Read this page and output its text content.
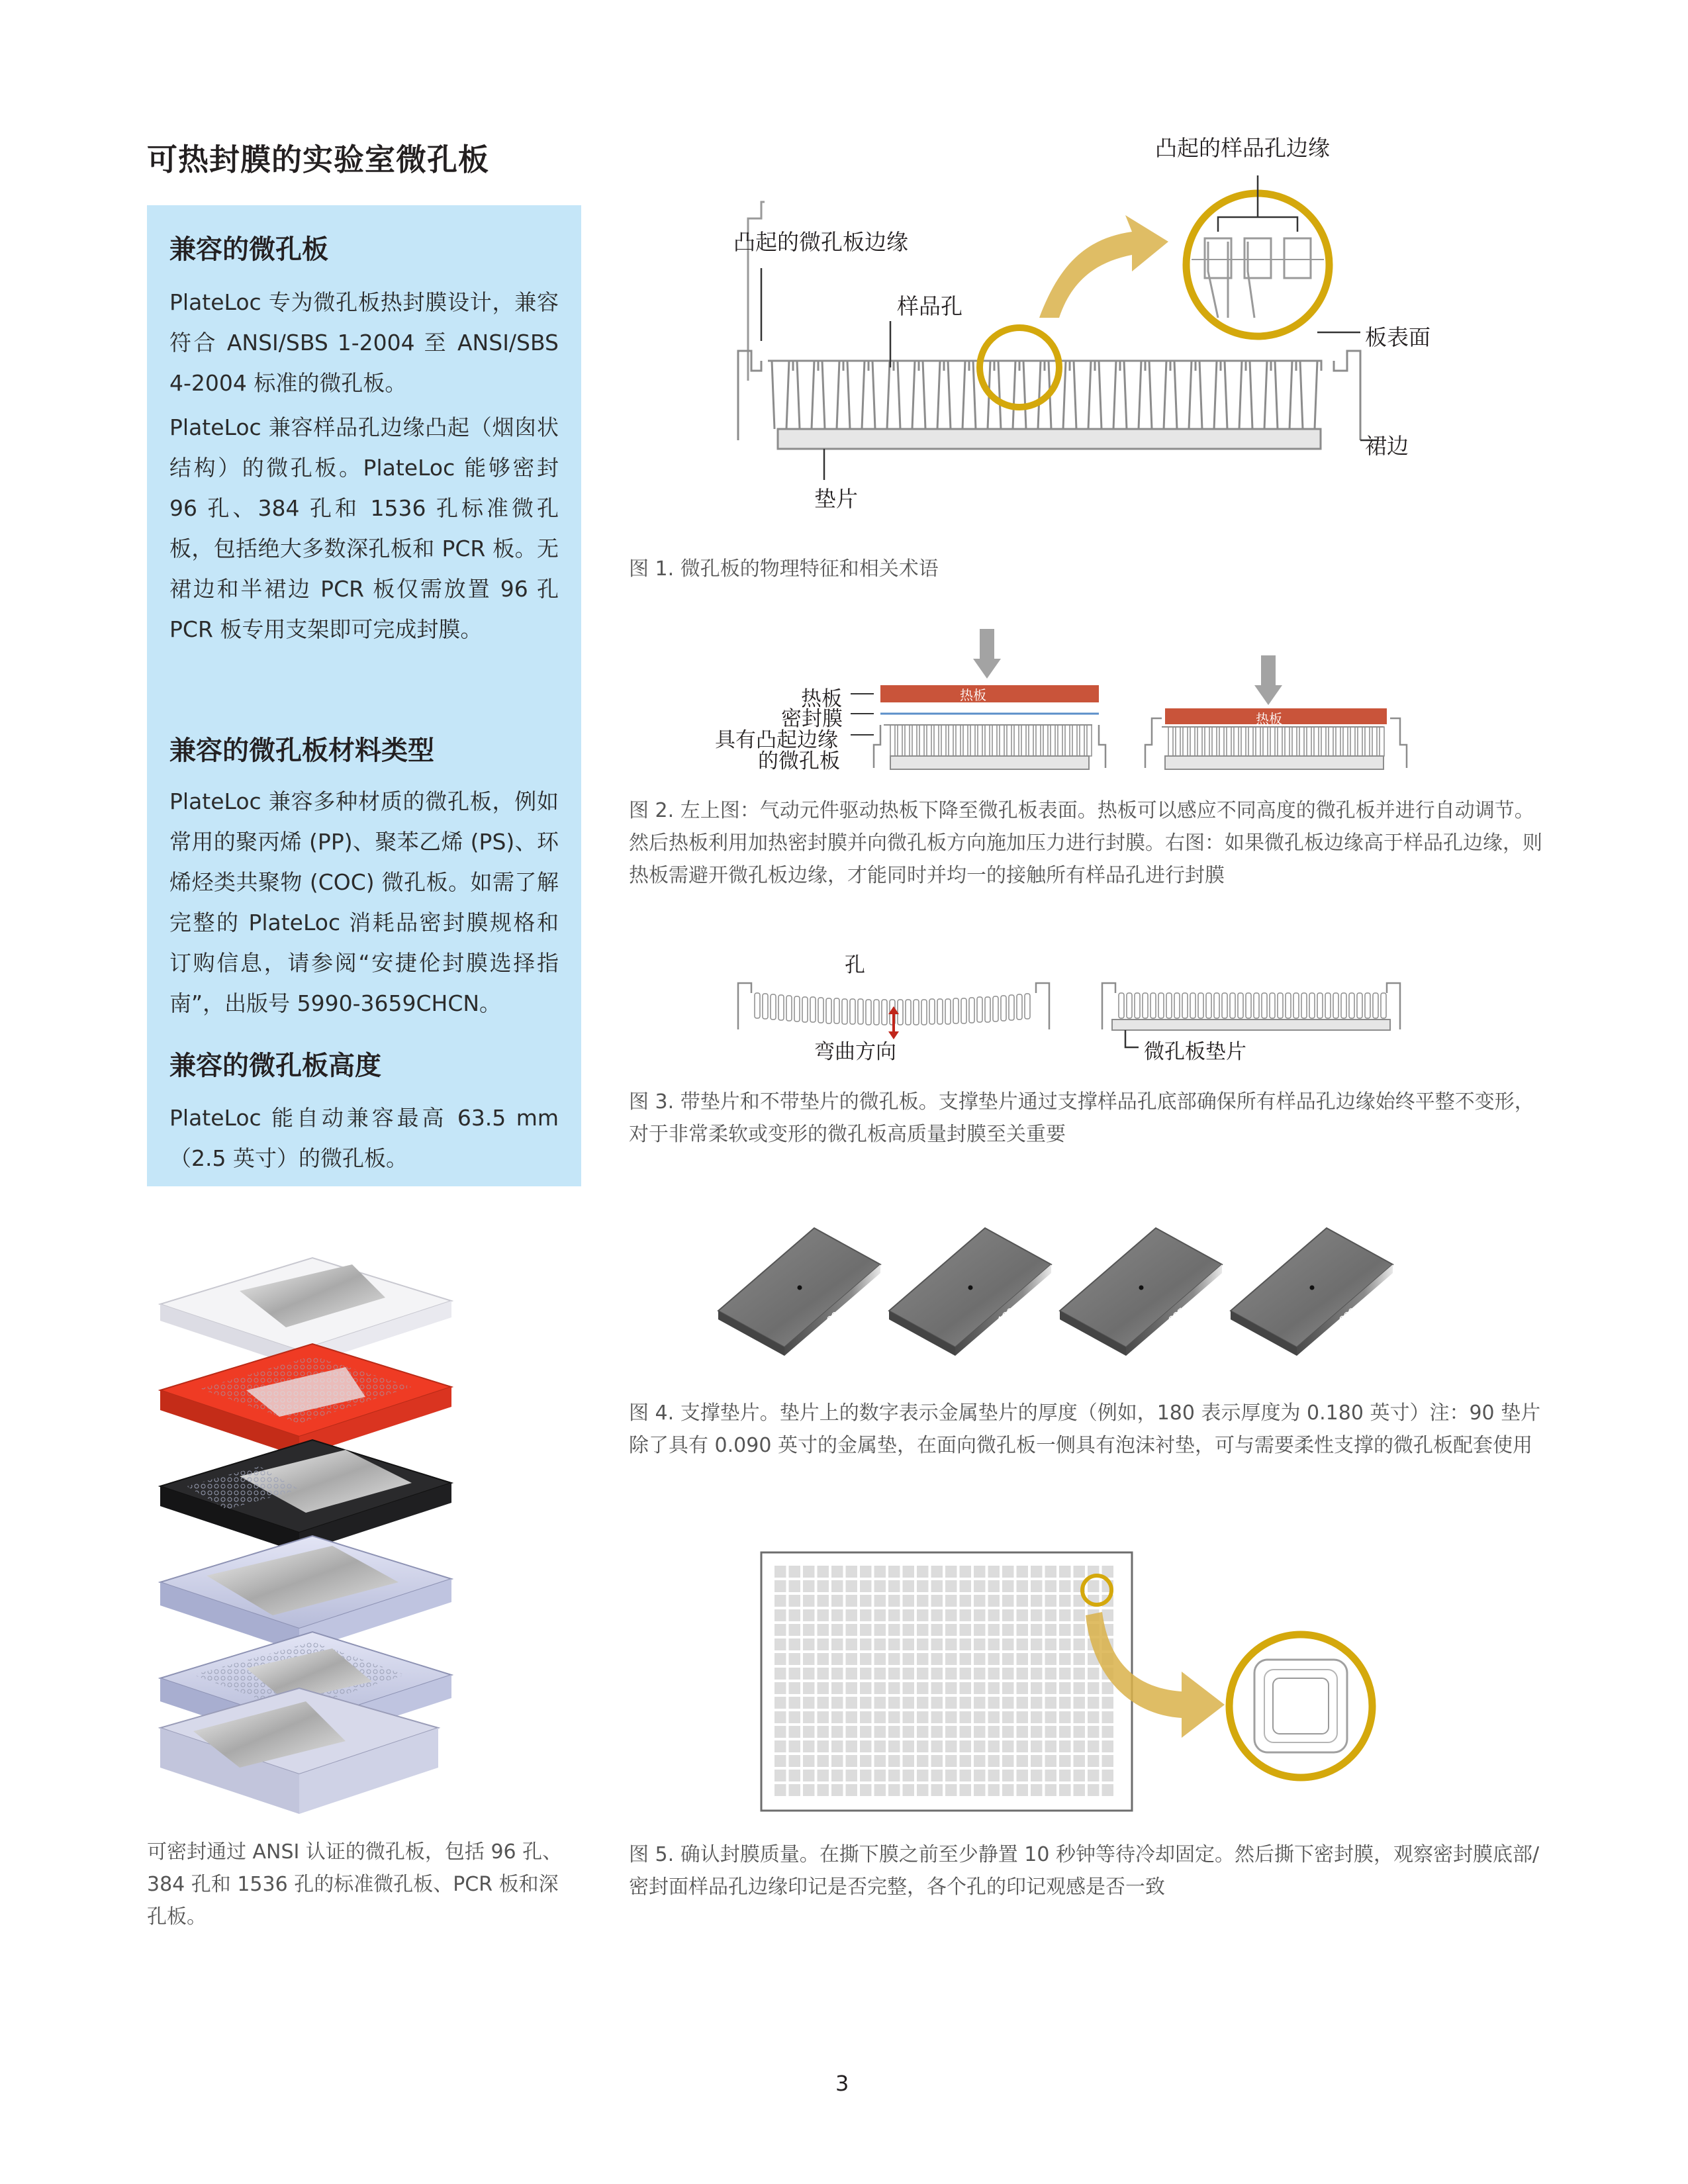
可热封膜的实验室微孔板
兼容的微孔板
PlateLoc 专为微孔板热封膜设计，兼容符合 ANSI/SBS 1-2004 至 ANSI/SBS 4-2004 标准的微孔板。
PlateLoc 兼容样品孔边缘凸起（烟囱状结构）的微孔板。PlateLoc 能够密封 96 孔、384 孔和 1536 孔标准微孔板，包括绝大多数深孔板和 PCR 板。无裙边和半裙边 PCR 板仅需放置 96 孔 PCR 板专用支架即可完成封膜。
兼容的微孔板材料类型
PlateLoc 兼容多种材质的微孔板，例如常用的聚丙烯 (PP)、聚苯乙烯 (PS)、环烯烃类共聚物 (COC) 微孔板。如需了解完整的 PlateLoc 消耗品密封膜规格和订购信息，请参阅“安捷伦封膜选择指南”，出版号 5990-3659CHCN。
兼容的微孔板高度
PlateLoc 能自动兼容最高 63.5 mm（2.5 英寸）的微孔板。
可密封通过 ANSI 认证的微孔板，包括 96 孔、384 孔和 1536 孔的标准微孔板、PCR 板和深孔板。
凸起的样品孔边缘
凸起的微孔板边缘
样品孔
板表面
裙边
垫片
图 1. 微孔板的物理特征和相关术语
热板
热板
热板
密封膜
具有凸起边缘
的微孔板
图 2. 左上图：气动元件驱动热板下降至微孔板表面。热板可以感应不同高度的微孔板并进行自动调节。然后热板利用加热密封膜并向微孔板方向施加压力进行封膜。右图：如果微孔板边缘高于样品孔边缘，则热板需避开微孔板边缘，才能同时并均一的接触所有样品孔进行封膜
孔
弯曲方向	微孔板垫片
图 3. 带垫片和不带垫片的微孔板。支撑垫片通过支撑样品孔底部确保所有样品孔边缘始终平整不变形，对于非常柔软或变形的微孔板高质量封膜至关重要
90	180	235	280
图 4. 支撑垫片。垫片上的数字表示金属垫片的厚度（例如，180 表示厚度为 0.180 英寸）注：90 垫片除了具有 0.090 英寸的金属垫，在面向微孔板一侧具有泡沫衬垫，可与需要柔性支撑的微孔板配套使用
图 5. 确认封膜质量。在撕下膜之前至少静置 10 秒钟等待冷却固定。然后撕下密封膜，观察密封膜底部/密封面样品孔边缘印记是否完整，各个孔的印记观感是否一致
3
